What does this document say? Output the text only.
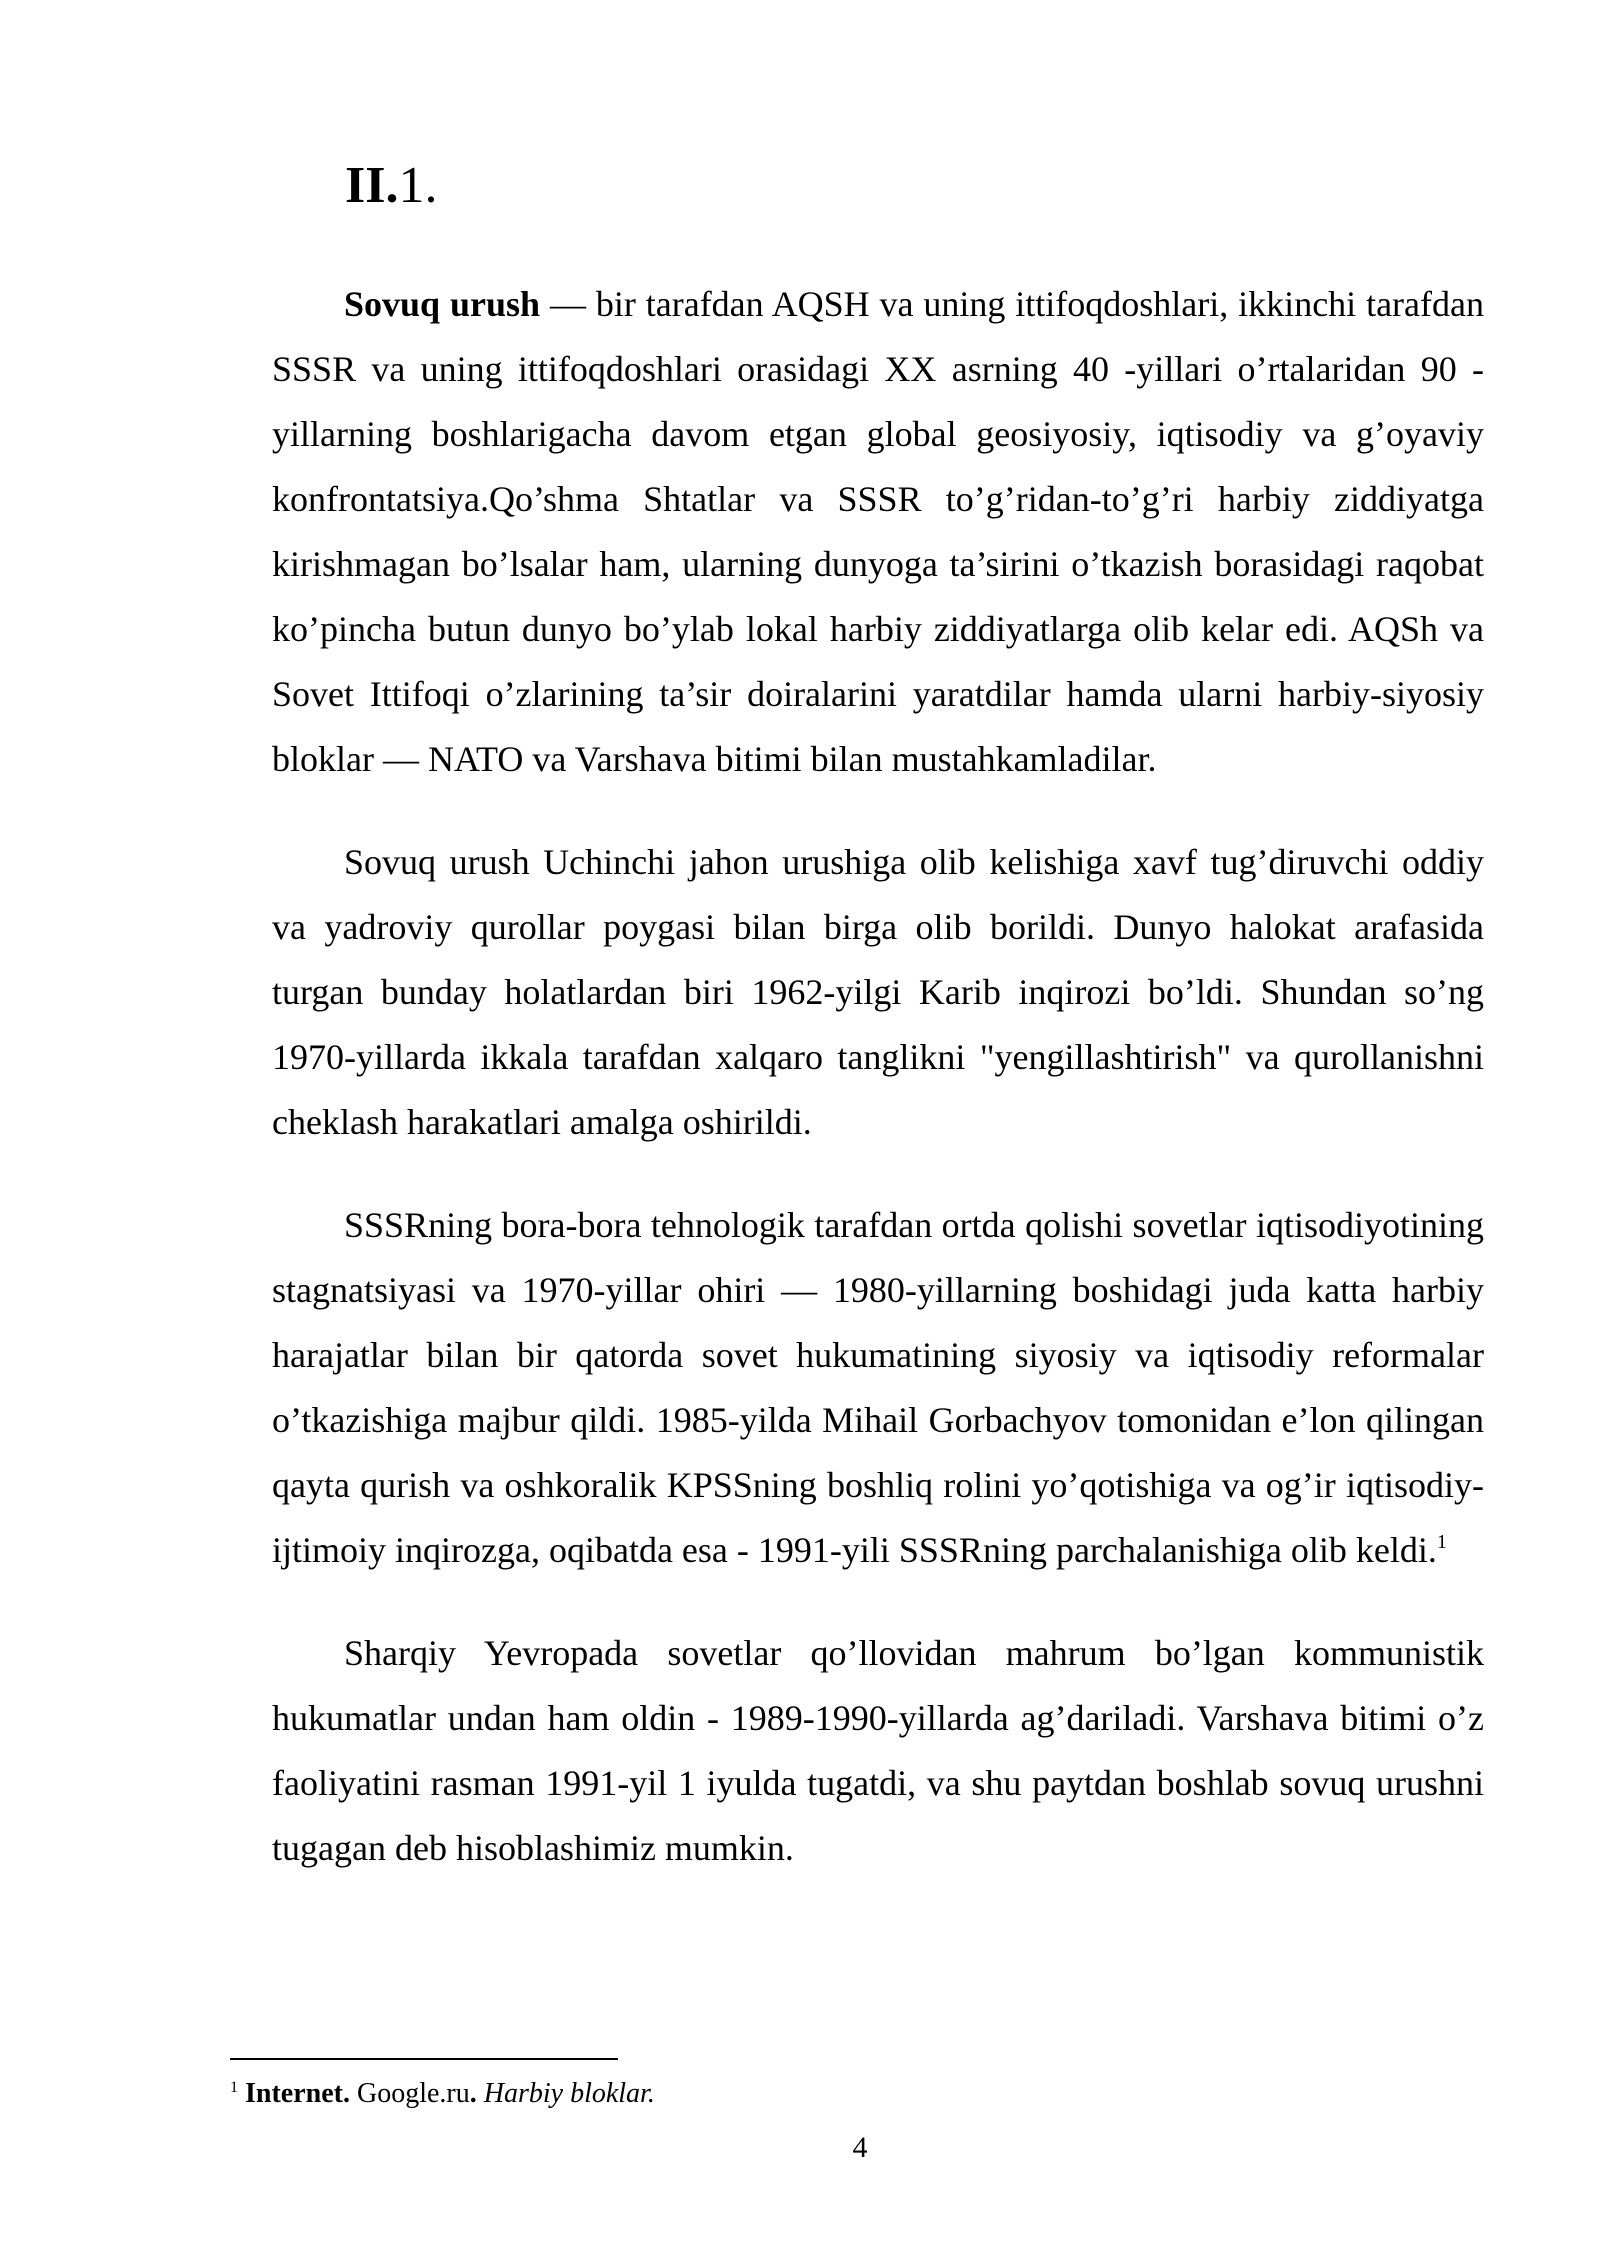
II.1.

Sovuq urush — bir tarafdan AQSH va uning ittifoqdoshlari, ikkinchi tarafdan SSSR va uning ittifoqdoshlari orasidagi XX asrning 40 -yillari o’rtalaridan 90 -yillarning boshlarigacha davom etgan global geosiyosiy, iqtisodiy va g’oyaviy konfrontatsiya.Qo’shma Shtatlar va SSSR to’g’ridan-to’g’ri harbiy ziddiyatga kirishmagan bo’lsalar ham, ularning dunyoga ta’sirini o’tkazish borasidagi raqobat ko’pincha butun dunyo bo’ylab lokal harbiy ziddiyatlarga olib kelar edi. AQSh va Sovet Ittifoqi o’zlarining ta’sir doiralarini yaratdilar hamda ularni harbiy-siyosiy bloklar — NATO va Varshava bitimi bilan mustahkamladilar.

Sovuq urush Uchinchi jahon urushiga olib kelishiga xavf tug’diruvchi oddiy va yadroviy qurollar poygasi bilan birga olib borildi. Dunyo halokat arafasida turgan bunday holatlardan biri 1962-yilgi Karib inqirozi bo’ldi. Shundan so’ng 1970-yillarda ikkala tarafdan xalqaro tanglikni "yengillashtirish" va qurollanishni cheklash harakatlari amalga oshirildi.

SSSRning bora-bora tehnologik tarafdan ortda qolishi sovetlar iqtisodiyotining stagnatsiyasi va 1970-yillar ohiri — 1980-yillarning boshidagi juda katta harbiy harajatlar bilan bir qatorda sovet hukumatining siyosiy va iqtisodiy reformalar o’tkazishiga majbur qildi. 1985-yilda Mihail Gorbachyov tomonidan e’lon qilingan qayta qurish va oshkoralik KPSSning boshliq rolini yo’qotishiga va og’ir iqtisodiy-ijtimoiy inqirozga, oqibatda esa - 1991-yili SSSRning parchalanishiga olib keldi.$^1$

Sharqiy Yevropada sovetlar qo’llovidan mahrum bo’lgan kommunistik hukumatlar undan ham oldin - 1989-1990-yillarda ag’dariladi. Varshava bitimi o’z faoliyatini rasman 1991-yil 1 iyulda tugatdi, va shu paytdan boshlab sovuq urushni tugagan deb hisoblashimiz mumkin.

$^1$ Internet. Google.ru. Harbiy bloklar.

4
